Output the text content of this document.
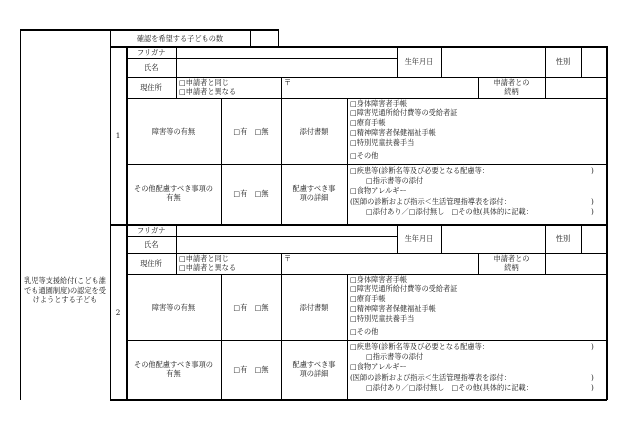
確認を希望する子どもの数
乳児等支援給付(こども誰でも通園制度)の認定を受けようとする子ども
1
フリガナ
氏名
生年月日	性別
現住所
□申請者と同じ
□申請者と異なる
〒	申請者との続柄
障害等の有無	□有　□無	添付書類
□身体障害者手帳
□障害児通所給付費等の受給者証
□療育手帳
□精神障害者保健福祉手帳
□特別児童扶養手当
□その他
その他配慮すべき事項の有無	□有　□無
配慮すべき事項の詳細
□疾患等(診断名等及び必要となる配慮等：
□指示書等の添付
□食物アレルギー
(医師の診断および指示＜生活管理指導表を添付：
□添付あり／□添付無し　□その他(具体的に記載：
)
)
)
2
フリガナ
氏名
生年月日	性別
現住所
□申請者と同じ
□申請者と異なる
〒	申請者との続柄
障害等の有無	□有　□無	添付書類
□身体障害者手帳
□障害児通所給付費等の受給者証
□療育手帳
□精神障害者保健福祉手帳
□特別児童扶養手当
□その他
その他配慮すべき事項の有無	□有　□無
配慮すべき事項の詳細
□疾患等(診断名等及び必要となる配慮等：
□指示書等の添付
□食物アレルギー
(医師の診断および指示＜生活管理指導表を添付：
□添付あり／□添付無し　□その他(具体的に記載：
)
)
)
